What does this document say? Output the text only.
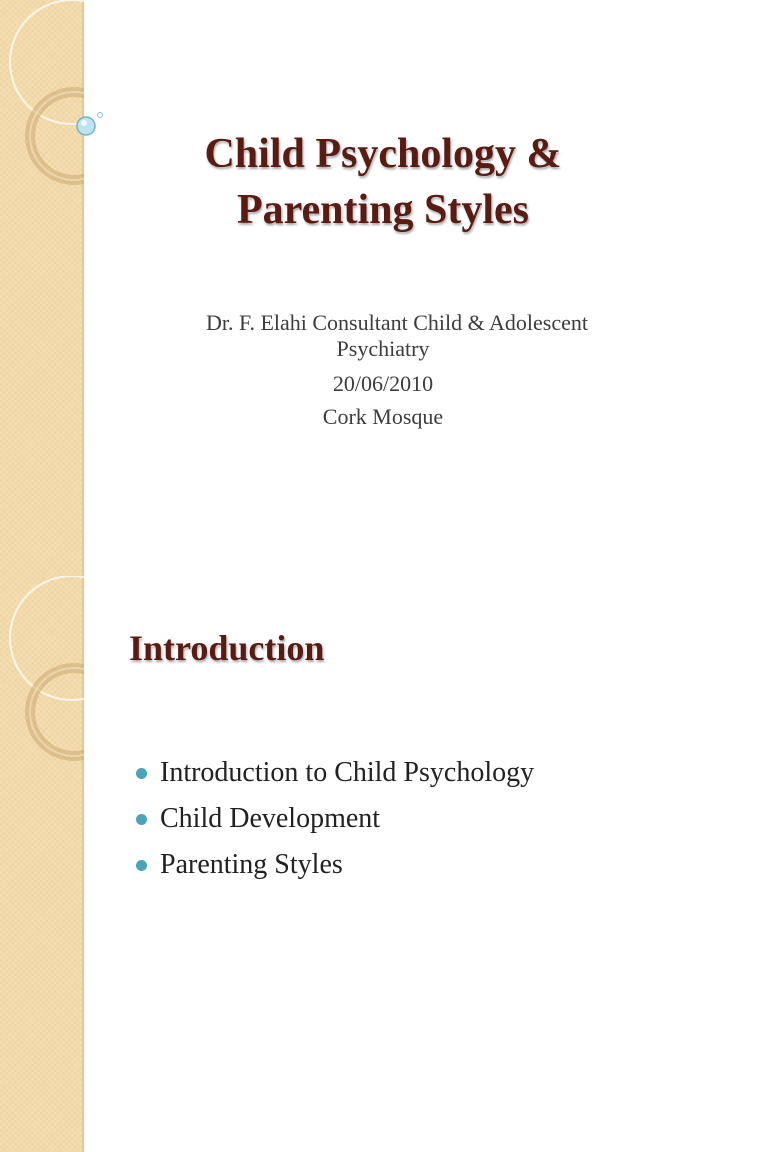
Child Psychology &
Parenting Styles
Dr. F. Elahi Consultant Child & Adolescent
Psychiatry
20/06/2010
Cork Mosque
Introduction
Introduction to Child Psychology
Child Development
Parenting Styles
